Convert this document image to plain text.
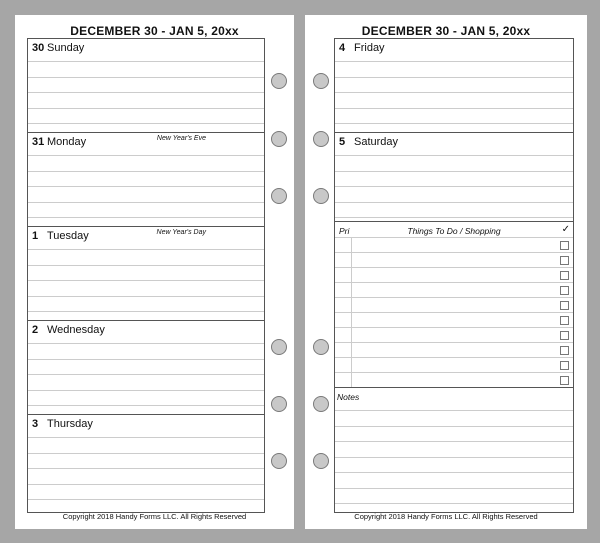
DECEMBER 30 - JAN 5, 20xx
30 Sunday
31 Monday	New Year's Eve
1 Tuesday	New Year's Day
2 Wednesday
3 Thursday
Copyright 2018 Handy Forms LLC. All Rights Reserved
DECEMBER 30 - JAN 5, 20xx
4 Friday
5 Saturday
Pri	Things To Do / Shopping	✓
Notes
Copyright 2018 Handy Forms LLC. All Rights Reserved
